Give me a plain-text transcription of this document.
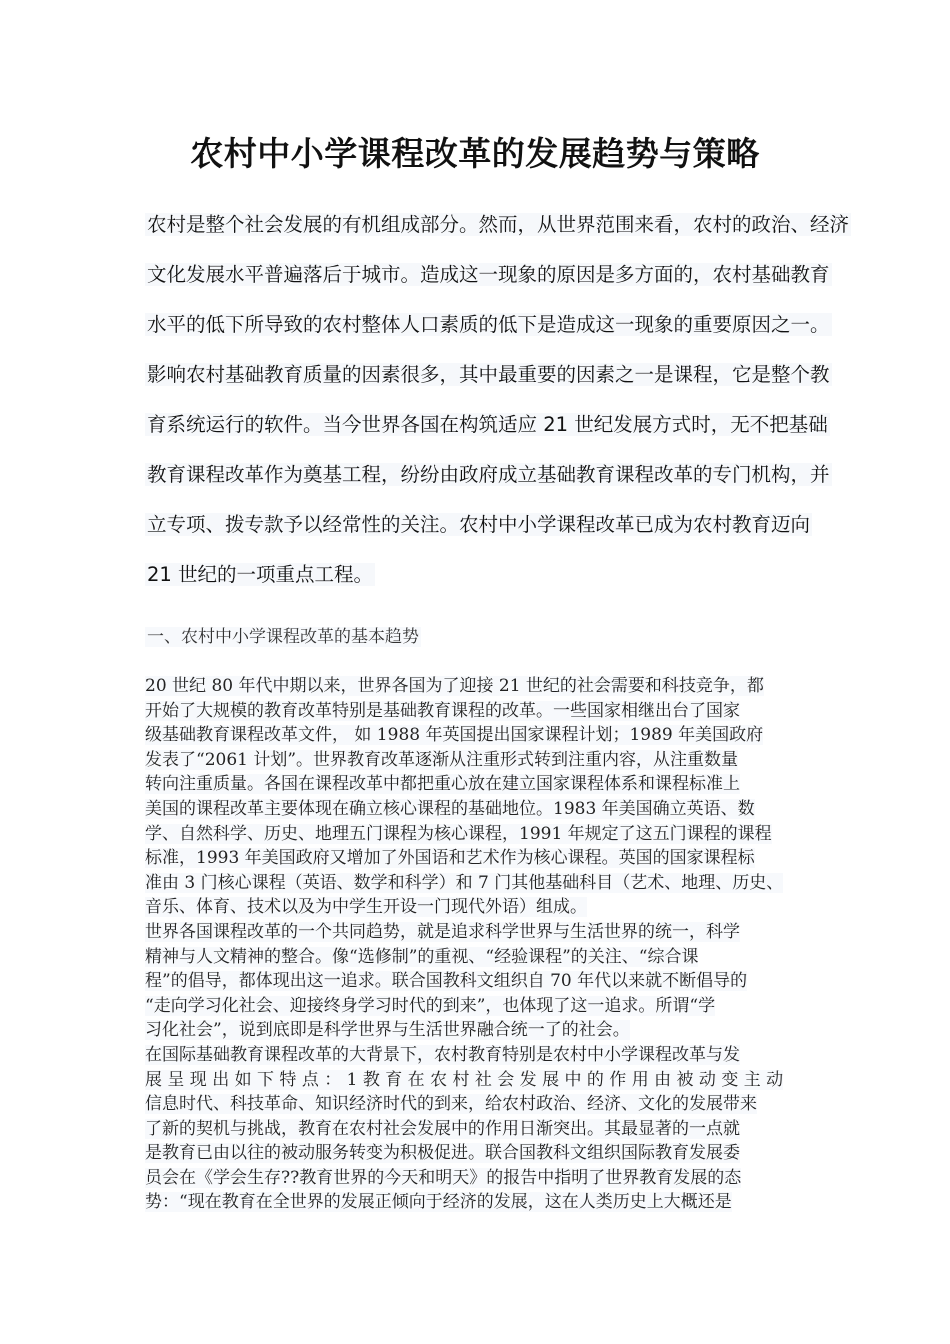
农村中小学课程改革的发展趋势与策略
农村是整个社会发展的有机组成部分。然而，从世界范围来看，农村的政治、经济
文化发展水平普遍落后于城市。造成这一现象的原因是多方面的，农村基础教育
水平的低下所导致的农村整体人口素质的低下是造成这一现象的重要原因之一。
影响农村基础教育质量的因素很多，其中最重要的因素之一是课程，它是整个教
育系统运行的软件。当今世界各国在构筑适应 21 世纪发展方式时，无不把基础
教育课程改革作为奠基工程，纷纷由政府成立基础教育课程改革的专门机构，并
立专项、拨专款予以经常性的关注。农村中小学课程改革已成为农村教育迈向
21 世纪的一项重点工程。
一、农村中小学课程改革的基本趋势
20 世纪 80 年代中期以来，世界各国为了迎接 21 世纪的社会需要和科技竞争，都
开始了大规模的教育改革特别是基础教育课程的改革。一些国家相继出台了国家
级基础教育课程改革文件， 如 1988 年英国提出国家课程计划；1989 年美国政府
发表了“2061 计划”。世界教育改革逐渐从注重形式转到注重内容，从注重数量
转向注重质量。各国在课程改革中都把重心放在建立国家课程体系和课程标准上
美国的课程改革主要体现在确立核心课程的基础地位。1983 年美国确立英语、数
学、自然科学、历史、地理五门课程为核心课程，1991 年规定了这五门课程的课程
标准，1993 年美国政府又增加了外国语和艺术作为核心课程。英国的国家课程标
准由 3 门核心课程（英语、数学和科学）和 7 门其他基础科目（艺术、地理、历史、
音乐、体育、技术以及为中学生开设一门现代外语）组成。
世界各国课程改革的一个共同趋势，就是追求科学世界与生活世界的统一，科学
精神与人文精神的整合。像“选修制”的重视、“经验课程”的关注、“综合课
程”的倡导，都体现出这一追求。联合国教科文组织自 70 年代以来就不断倡导的
“走向学习化社会、迎接终身学习时代的到来”，也体现了这一追求。所谓“学
习化社会”，说到底即是科学世界与生活世界融合统一了的社会。
在国际基础教育课程改革的大背景下，农村教育特别是农村中小学课程改革与发
展 呈 现 出 如 下 特 点 ： 1 教 育 在 农 村 社 会 发 展 中 的 作 用 由 被 动 变 主 动
信息时代、科技革命、知识经济时代的到来，给农村政治、经济、文化的发展带来
了新的契机与挑战，教育在农村社会发展中的作用日渐突出。其最显著的一点就
是教育已由以往的被动服务转变为积极促进。联合国教科文组织国际教育发展委
员会在《学会生存??教育世界的今天和明天》的报告中指明了世界教育发展的态
势：“现在教育在全世界的发展正倾向于经济的发展，这在人类历史上大概还是
